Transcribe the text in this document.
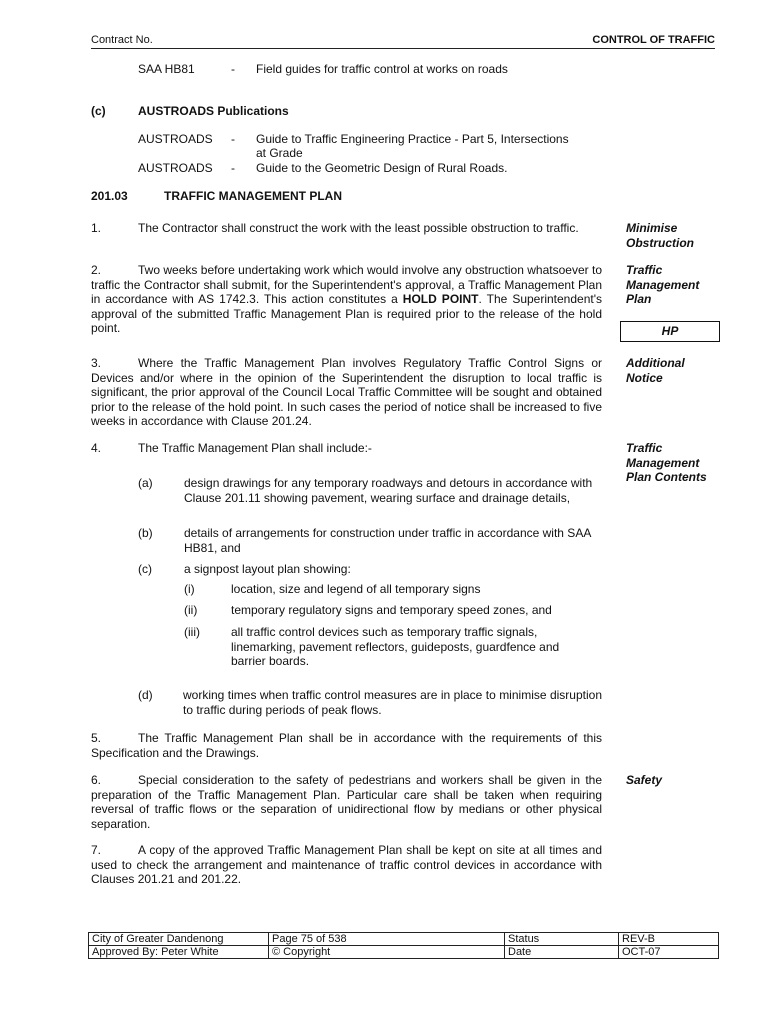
Contract No.	CONTROL OF TRAFFIC
SAA HB81	- Field guides for traffic control at works on roads
(c)	AUSTROADS Publications
AUSTROADS - Guide to Traffic Engineering Practice - Part 5, Intersections
at Grade
AUSTROADS - Guide to the Geometric Design of Rural Roads.
201.03	TRAFFIC MANAGEMENT PLAN
1.	The Contractor shall construct the work with the least possible obstruction to traffic.
2.	Two weeks before undertaking work which would involve any obstruction whatsoever to traffic the Contractor shall submit, for the Superintendent's approval, a Traffic Management Plan in accordance with AS 1742.3. This action constitutes a HOLD POINT. The Superintendent's approval of the submitted Traffic Management Plan is required prior to the release of the hold point.
3.	Where the Traffic Management Plan involves Regulatory Traffic Control Signs or Devices and/or where in the opinion of the Superintendent the disruption to local traffic is significant, the prior approval of the Council Local Traffic Committee will be sought and obtained prior to the release of the hold point. In such cases the period of notice shall be increased to five weeks in accordance with Clause 201.24.
4.	The Traffic Management Plan shall include:-
(a)	design drawings for any temporary roadways and detours in accordance with Clause 201.11 showing pavement, wearing surface and drainage details,
(b)	details of arrangements for construction under traffic in accordance with SAA HB81, and
(c)	a signpost layout plan showing:
(i)	location, size and legend of all temporary signs
(ii)	temporary regulatory signs and temporary speed zones, and
(iii)	all traffic control devices such as temporary traffic signals, linemarking, pavement reflectors, guideposts, guardfence and barrier boards.
(d)	working times when traffic control measures are in place to minimise disruption to traffic during periods of peak flows.
5.	The Traffic Management Plan shall be in accordance with the requirements of this Specification and the Drawings.
6.	Special consideration to the safety of pedestrians and workers shall be given in the preparation of the Traffic Management Plan. Particular care shall be taken when requiring reversal of traffic flows or the separation of unidirectional flow by medians or other physical separation.
7.	A copy of the approved Traffic Management Plan shall be kept on site at all times and used to check the arrangement and maintenance of traffic control devices in accordance with Clauses 201.21 and 201.22.
Minimise Obstruction
Traffic Management Plan
HP
Additional Notice
Traffic Management Plan Contents
Safety
City of Greater Dandenong	Page 75 of 538	Status	REV-B
Approved By: Peter White	© Copyright	Date	OCT-07
